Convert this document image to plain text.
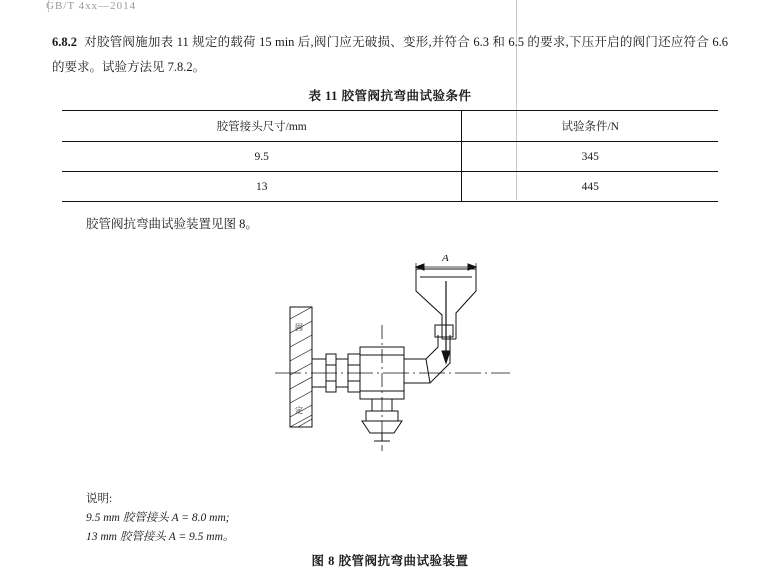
GB/T 4xx—2014
6.8.2 对胶管阀施加表 11 规定的载荷 15 min 后,阀门应无破损、变形,并符合 6.3 和 6.5 的要求,下压开启的阀门还应符合 6.6 的要求。试验方法见 7.8.2。
表 11 胶管阀抗弯曲试验条件
胶管接头尺寸/mm	试验条件/N
9.5	345
13	445
胶管阀抗弯曲试验装置见图 8。
固
定
A
说明:
9.5 mm 胶管接头 A = 8.0 mm;
13 mm 胶管接头 A = 9.5 mm。
图 8 胶管阀抗弯曲试验装置
